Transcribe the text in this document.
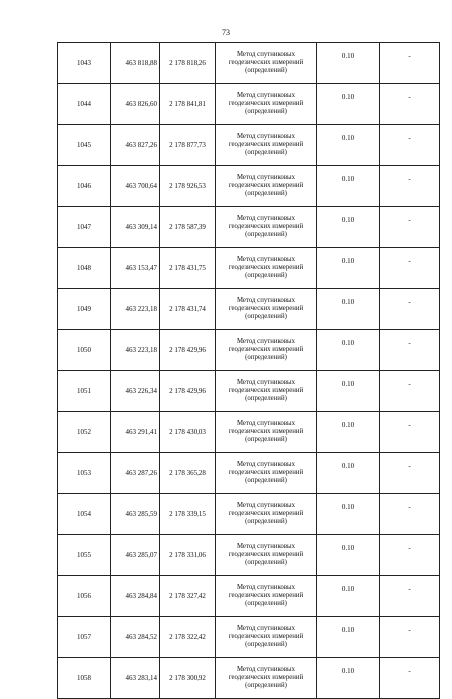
73
1043	463 818,88	2 178 818,26	Метод спутниковых
геодезических измерений
(определений)	0.10	-
1044	463 826,60	2 178 841,81	Метод спутниковых
геодезических измерений
(определений)	0.10	-
1045	463 827,26	2 178 877,73	Метод спутниковых
геодезических измерений
(определений)	0.10	-
1046	463 700,64	2 178 926,53	Метод спутниковых
геодезических измерений
(определений)	0.10	-
1047	463 309,14	2 178 587,39	Метод спутниковых
геодезических измерений
(определений)	0.10	-
1048	463 153,47	2 178 431,75	Метод спутниковых
геодезических измерений
(определений)	0.10	-
1049	463 223,18	2 178 431,74	Метод спутниковых
геодезических измерений
(определений)	0.10	-
1050	463 223,18	2 178 429,96	Метод спутниковых
геодезических измерений
(определений)	0.10	-
1051	463 226,34	2 178 429,96	Метод спутниковых
геодезических измерений
(определений)	0.10	-
1052	463 291,41	2 178 430,03	Метод спутниковых
геодезических измерений
(определений)	0.10	-
1053	463 287,26	2 178 365,28	Метод спутниковых
геодезических измерений
(определений)	0.10	-
1054	463 285,59	2 178 339,15	Метод спутниковых
геодезических измерений
(определений)	0.10	-
1055	463 285,07	2 178 331,06	Метод спутниковых
геодезических измерений
(определений)	0.10	-
1056	463 284,84	2 178 327,42	Метод спутниковых
геодезических измерений
(определений)	0.10	-
1057	463 284,52	2 178 322,42	Метод спутниковых
геодезических измерений
(определений)	0.10	-
1058	463 283,14	2 178 300,92	Метод спутниковых
геодезических измерений
(определений)	0.10	-
